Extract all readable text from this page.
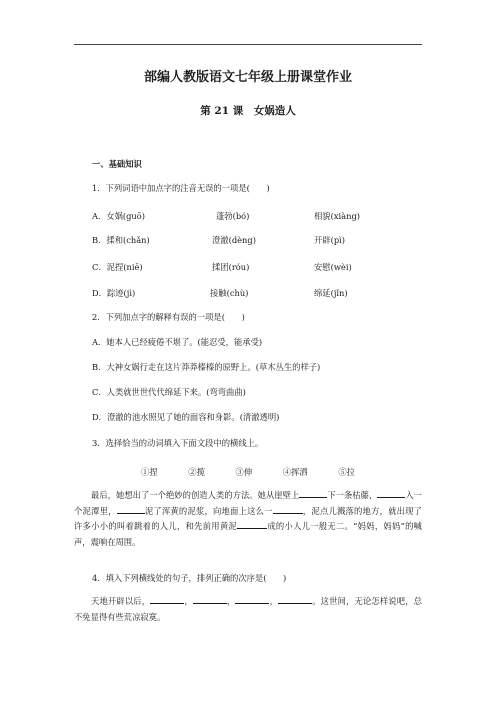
部编人教版语文七年级上册课堂作业
第 21 课　女娲造人
一、基础知识
1．下列词语中加点字的注音无误的一项是(　　)
A．女娲(guō)	蓬勃(bó)	相貌(xiàng)
B．揉和(chǎn)	澄澈(dèng)	开辟(pì)
C．泥捏(niē)	揉团(róu)	安慰(wèi)
D．踪迹(jì)	接触(chù)	绵延(jǐn)
2．下列加点字的解释有误的一项是(　　)
A．她本人已经疲倦不堪了。(能忍受，能承受)
B．大神女娲行走在这片莽莽榛榛的原野上。(草木丛生的样子)
C．人类就世世代代绵延下来。(弯弯曲曲)
D．澄澈的池水照见了她的面容和身影。(清澈透明)
3．选择恰当的动词填入下面文段中的横线上。
①捏	②揽	③伸	④挥洒	⑤拉
最后，她想出了一个绝妙的创造人类的方法。她从崖壁上	下一条枯藤，	入一个泥潭里，	泥了浑黄的泥浆，向地面上这么一	，泥点儿溅落的地方，就出现了许多小小的叫着跳着的人儿，和先前用黄泥	成的小人儿一般无二。“妈妈，妈妈”的喊声，震响在周围。
4．填入下列横线处的句子，排列正确的次序是(　　)
天地开辟以后，	，	，	，	。这世间，无论怎样说吧，总不免显得有些荒凉寂寞。
